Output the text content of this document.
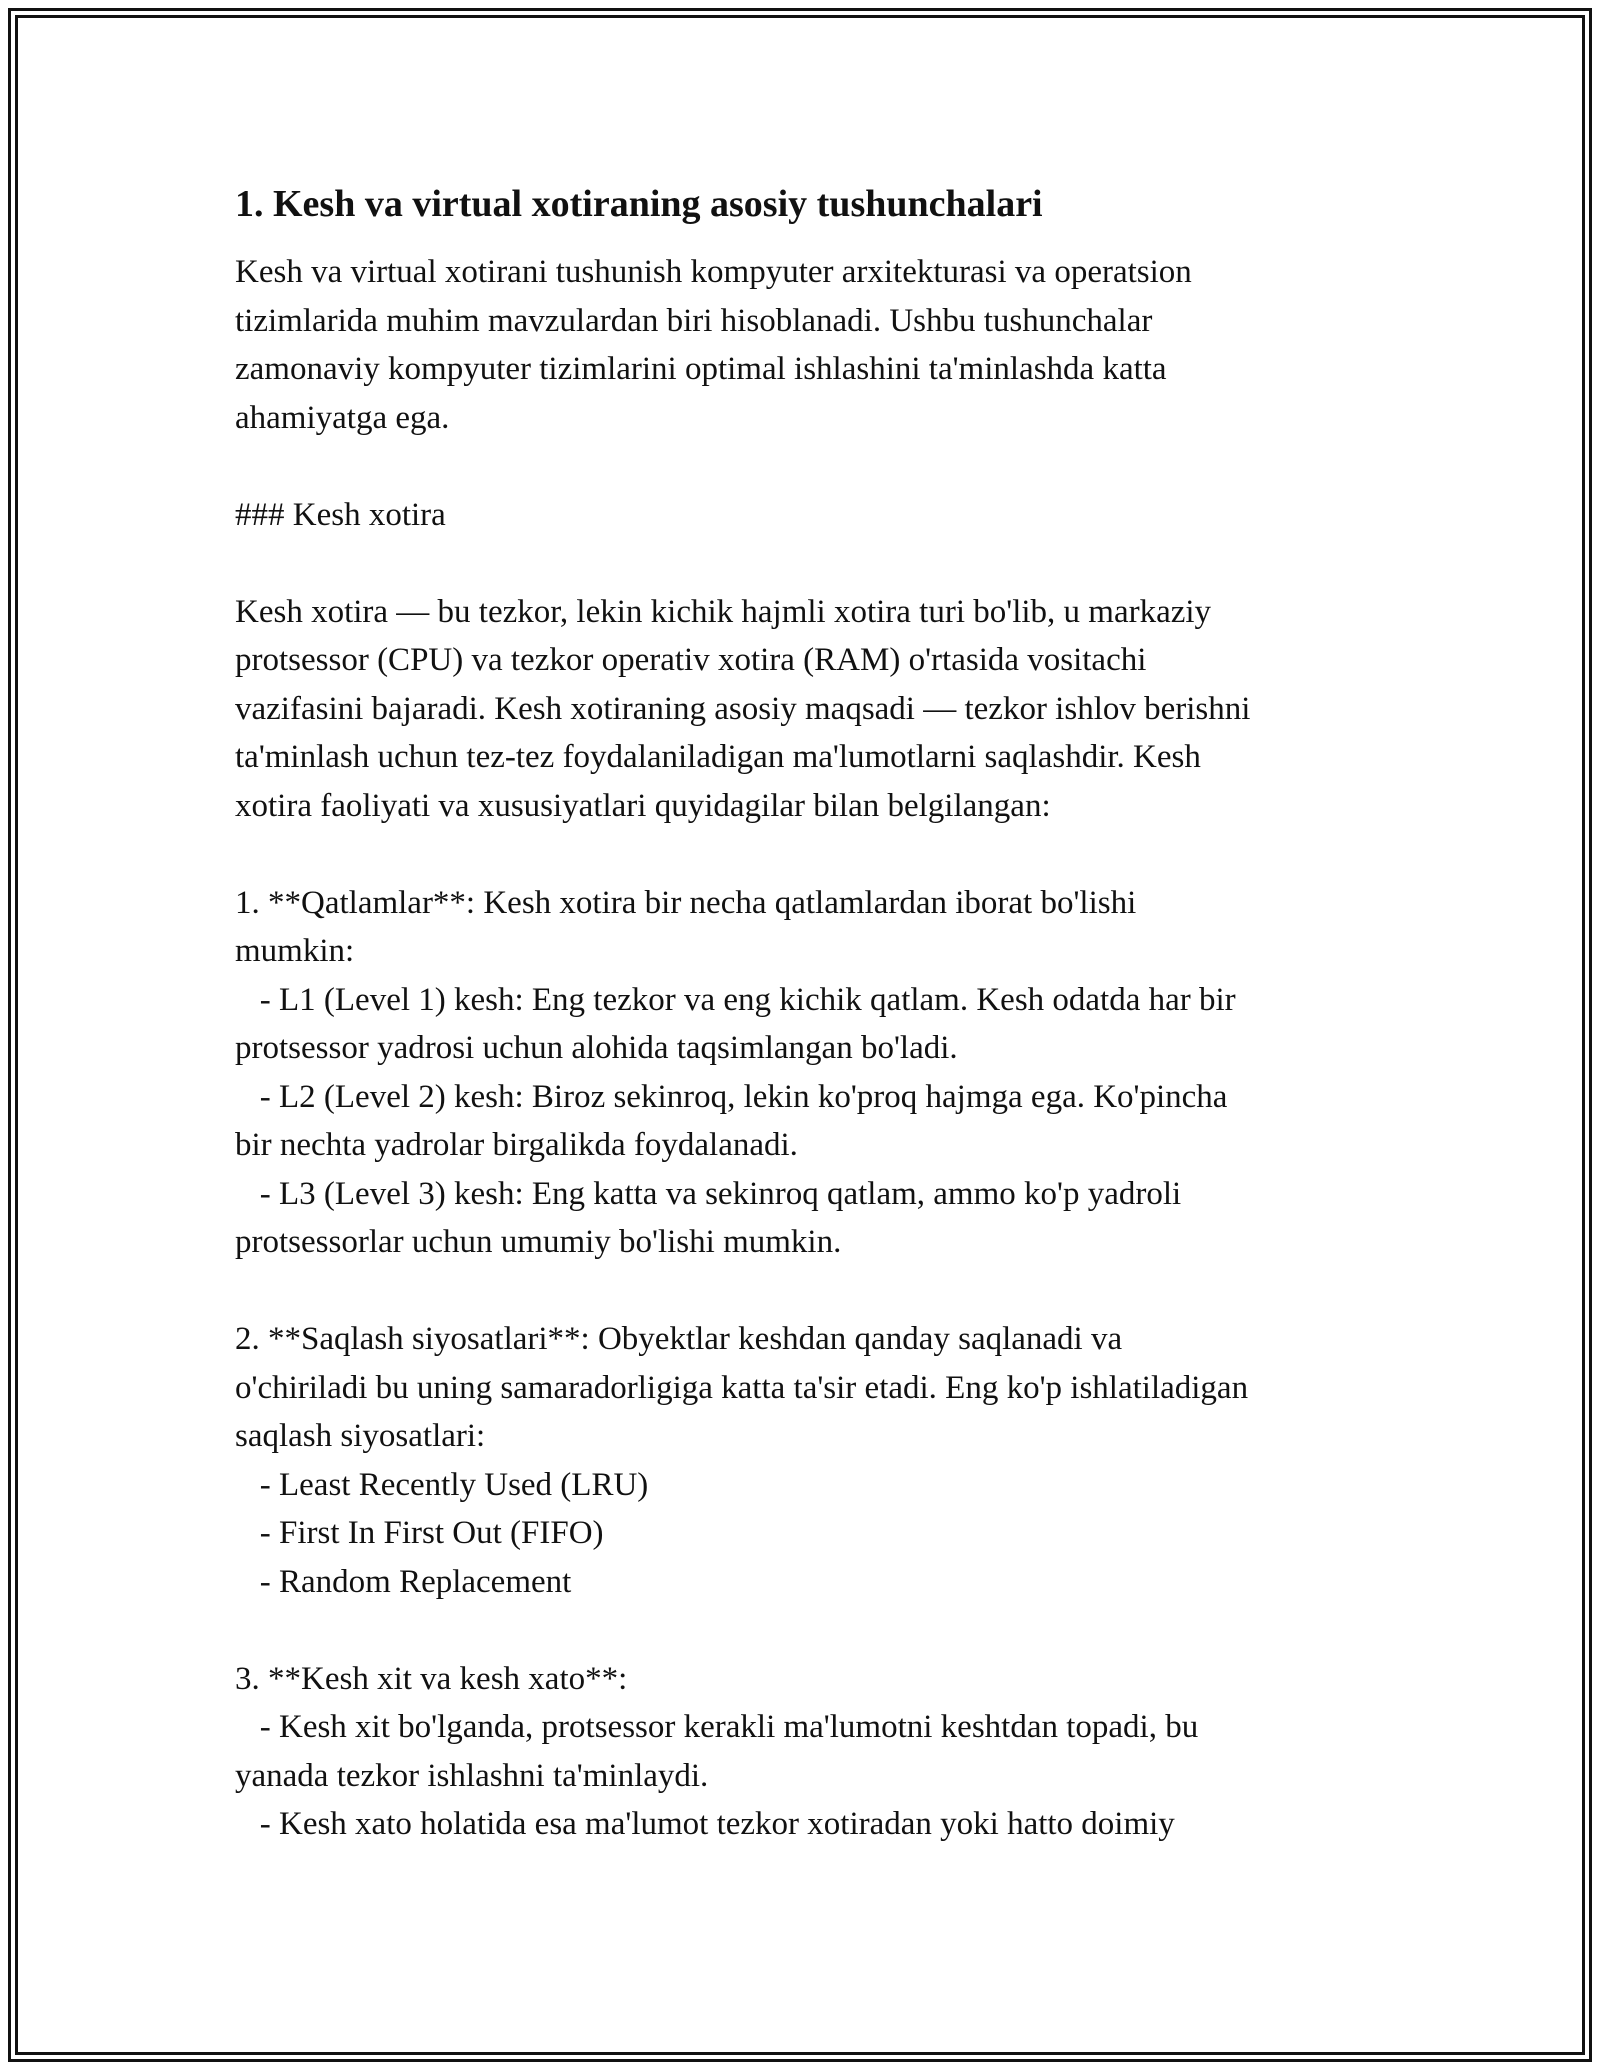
1. Kesh va virtual xotiraning asosiy tushunchalari

Kesh va virtual xotirani tushunish kompyuter arxitekturasi va operatsion

tizimlarida muhim mavzulardan biri hisoblanadi. Ushbu tushunchalar

zamonaviy kompyuter tizimlarini optimal ishlashini ta'minlashda katta

ahamiyatga ega.

### Kesh xotira

Kesh xotira — bu tezkor, lekin kichik hajmli xotira turi bo'lib, u markaziy

protsessor (CPU) va tezkor operativ xotira (RAM) o'rtasida vositachi

vazifasini bajaradi. Kesh xotiraning asosiy maqsadi — tezkor ishlov berishni

ta'minlash uchun tez-tez foydalaniladigan ma'lumotlarni saqlashdir. Kesh

xotira faoliyati va xususiyatlari quyidagilar bilan belgilangan:

1. **Qatlamlar**: Kesh xotira bir necha qatlamlardan iborat bo'lishi

mumkin:

- L1 (Level 1) kesh: Eng tezkor va eng kichik qatlam. Kesh odatda har bir

protsessor yadrosi uchun alohida taqsimlangan bo'ladi.

- L2 (Level 2) kesh: Biroz sekinroq, lekin ko'proq hajmga ega. Ko'pincha

bir nechta yadrolar birgalikda foydalanadi.

- L3 (Level 3) kesh: Eng katta va sekinroq qatlam, ammo ko'p yadroli

protsessorlar uchun umumiy bo'lishi mumkin.

2. **Saqlash siyosatlari**: Obyektlar keshdan qanday saqlanadi va

o'chiriladi bu uning samaradorligiga katta ta'sir etadi. Eng ko'p ishlatiladigan

saqlash siyosatlari:

- Least Recently Used (LRU)

- First In First Out (FIFO)

- Random Replacement

3. **Kesh xit va kesh xato**:

- Kesh xit bo'lganda, protsessor kerakli ma'lumotni keshtdan topadi, bu

yanada tezkor ishlashni ta'minlaydi.

- Kesh xato holatida esa ma'lumot tezkor xotiradan yoki hatto doimiy
